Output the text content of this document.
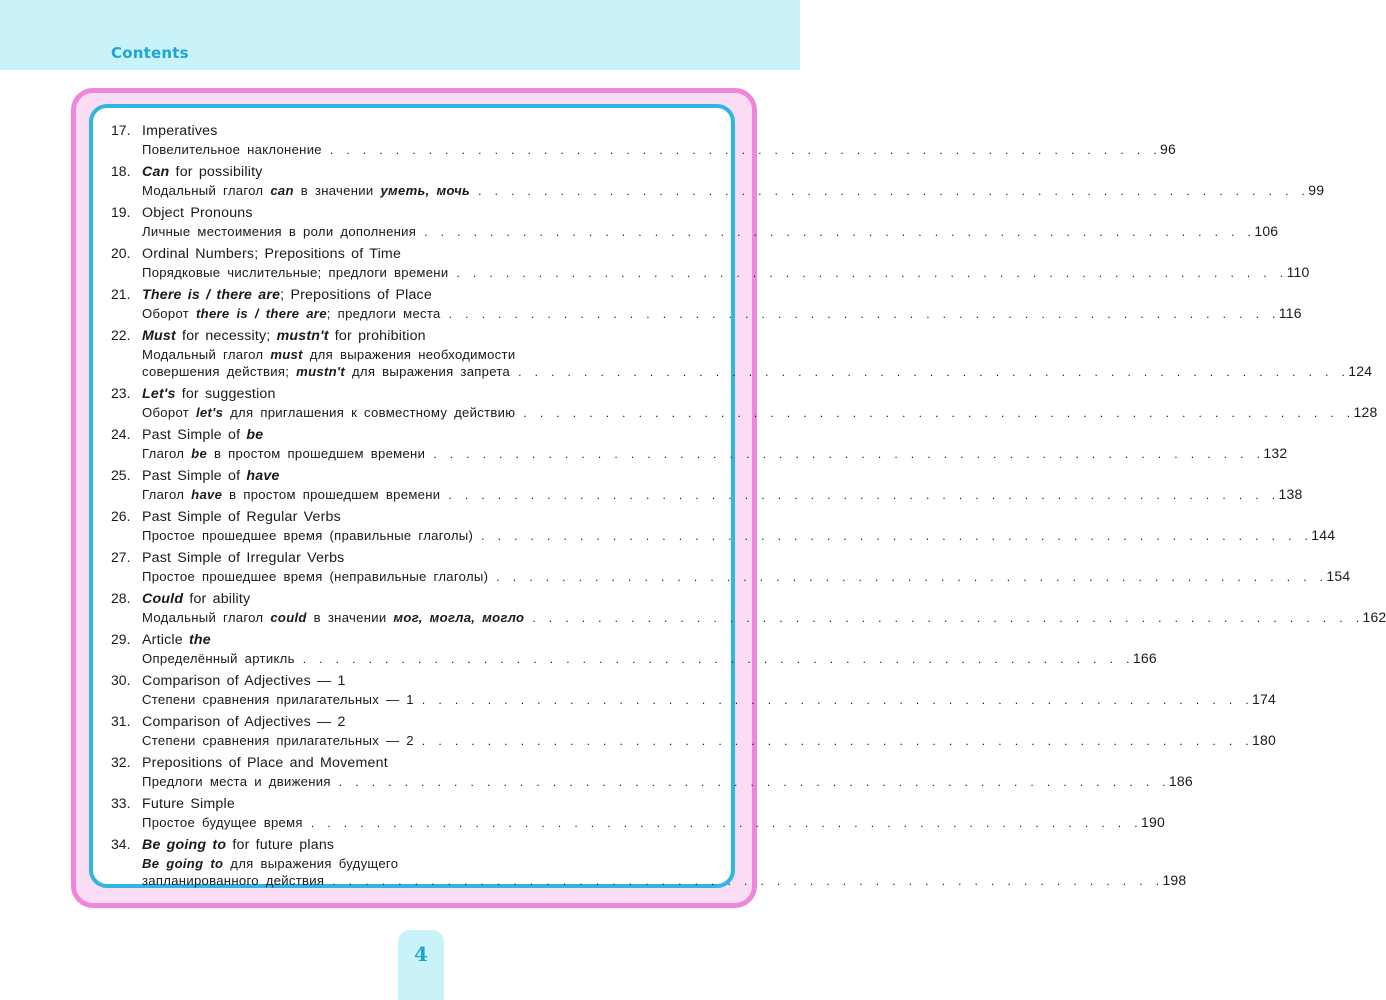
Contents
17. Imperatives
Повелительное наклонение . . . . . . . . . . . . . . . . . . . . . . . . . . . . . . . . . . . . . . . . . . . . . . . . . . . 96
18. Can for possibility
Модальный глагол can в значении уметь, мочь . . . . . . . . . . . . . . . . . . . . . . . . . . . . . . . . . . . . . . . . . . . . . . . . . . . 99
19. Object Pronouns
Личные местоимения в роли дополнения . . . . . . . . . . . . . . . . . . . . . . . . . . . . . . . . . . . . . . . . . . . . . . . . . . . 106
20. Ordinal Numbers; Prepositions of Time
Порядковые числительные; предлоги времени . . . . . . . . . . . . . . . . . . . . . . . . . . . . . . . . . . . . . . . . . . . . . . . . . . . 110
21. There is / there are; Prepositions of Place
Оборот there is / there are; предлоги места . . . . . . . . . . . . . . . . . . . . . . . . . . . . . . . . . . . . . . . . . . . . . . . . . . . 116
22. Must for necessity; mustn't for prohibition
Модальный глагол must для выражения необходимости
совершения действия; mustn't для выражения запрета . . . . . . . . . . . . . . . . . . . . . . . . . . . . . . . . . . . . . . . . . . . . . . . . . . . 124
23. Let's for suggestion
Оборот let's для приглашения к совместному действию . . . . . . . . . . . . . . . . . . . . . . . . . . . . . . . . . . . . . . . . . . . . . . . . . . . 128
24. Past Simple of be
Глагол be в простом прошедшем времени . . . . . . . . . . . . . . . . . . . . . . . . . . . . . . . . . . . . . . . . . . . . . . . . . . . 132
25. Past Simple of have
Глагол have в простом прошедшем времени . . . . . . . . . . . . . . . . . . . . . . . . . . . . . . . . . . . . . . . . . . . . . . . . . . . 138
26. Past Simple of Regular Verbs
Простое прошедшее время (правильные глаголы) . . . . . . . . . . . . . . . . . . . . . . . . . . . . . . . . . . . . . . . . . . . . . . . . . . . 144
27. Past Simple of Irregular Verbs
Простое прошедшее время (неправильные глаголы) . . . . . . . . . . . . . . . . . . . . . . . . . . . . . . . . . . . . . . . . . . . . . . . . . . . 154
28. Could for ability
Модальный глагол could в значении мог, могла, могло . . . . . . . . . . . . . . . . . . . . . . . . . . . . . . . . . . . . . . . . . . . . . . . . . . . 162
29. Article the
Определённый артикль . . . . . . . . . . . . . . . . . . . . . . . . . . . . . . . . . . . . . . . . . . . . . . . . . . . 166
30. Comparison of Adjectives — 1
Степени сравнения прилагательных — 1 . . . . . . . . . . . . . . . . . . . . . . . . . . . . . . . . . . . . . . . . . . . . . . . . . . . 174
31. Comparison of Adjectives — 2
Степени сравнения прилагательных — 2 . . . . . . . . . . . . . . . . . . . . . . . . . . . . . . . . . . . . . . . . . . . . . . . . . . . 180
32. Prepositions of Place and Movement
Предлоги места и движения . . . . . . . . . . . . . . . . . . . . . . . . . . . . . . . . . . . . . . . . . . . . . . . . . . . 186
33. Future Simple
Простое будущее время . . . . . . . . . . . . . . . . . . . . . . . . . . . . . . . . . . . . . . . . . . . . . . . . . . . 190
34. Be going to for future plans
Be going to для выражения будущего
запланированного действия . . . . . . . . . . . . . . . . . . . . . . . . . . . . . . . . . . . . . . . . . . . . . . . . . . . 198
4
